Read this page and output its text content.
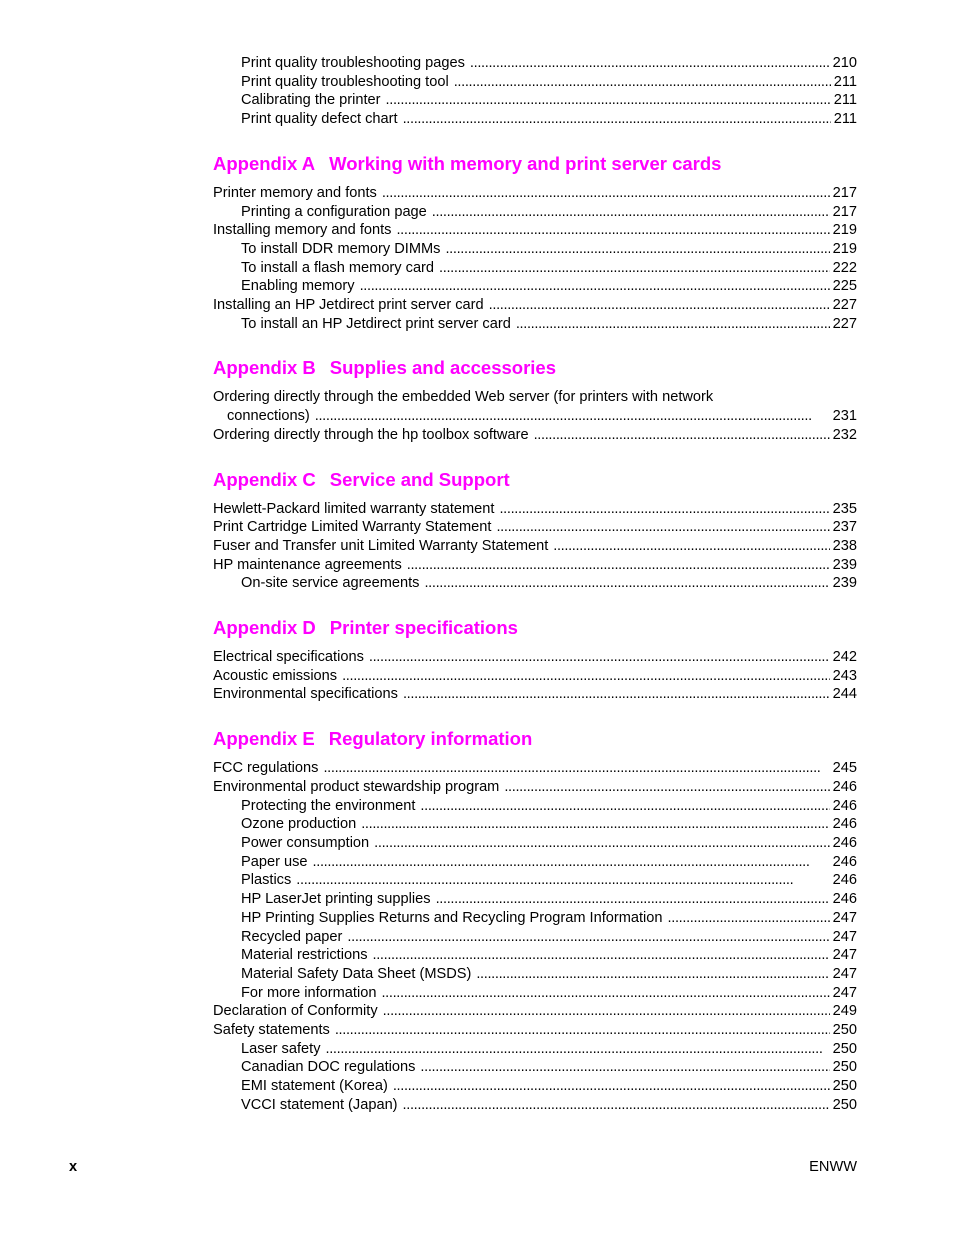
Print quality troubleshooting pages . . .	210
Print quality troubleshooting tool . . .	211
Calibrating the printer . . .	211
Print quality defect chart . . .	211
Appendix A Working with memory and print server cards
Printer memory and fonts . . .	217
Printing a configuration page . . .	217
Installing memory and fonts . . .	219
To install DDR memory DIMMs . . .	219
To install a flash memory card . . .	222
Enabling memory . . .	225
Installing an HP Jetdirect print server card . . .	227
To install an HP Jetdirect print server card . . .	227
Appendix B Supplies and accessories
Ordering directly through the embedded Web server (for printers with network
connections) . . .	231
Ordering directly through the hp toolbox software . . .	232
Appendix C Service and Support
Hewlett-Packard limited warranty statement . . .	235
Print Cartridge Limited Warranty Statement . . .	237
Fuser and Transfer unit Limited Warranty Statement . . .	238
HP maintenance agreements . . .	239
On-site service agreements . . .	239
Appendix D Printer specifications
Electrical specifications . . .	242
Acoustic emissions . . .	243
Environmental specifications . . .	244
Appendix E Regulatory information
FCC regulations . . .	245
Environmental product stewardship program . . .	246
Protecting the environment . . .	246
Ozone production . . .	246
Power consumption . . .	246
Paper use . . .	246
Plastics . . .	246
HP LaserJet printing supplies . . .	246
HP Printing Supplies Returns and Recycling Program Information . . .	247
Recycled paper . . .	247
Material restrictions . . .	247
Material Safety Data Sheet (MSDS) . . .	247
For more information . . .	247
Declaration of Conformity . . .	249
Safety statements . . .	250
Laser safety . . .	250
Canadian DOC regulations . . .	250
EMI statement (Korea) . . .	250
VCCI statement (Japan) . . .	250
x	ENWW
